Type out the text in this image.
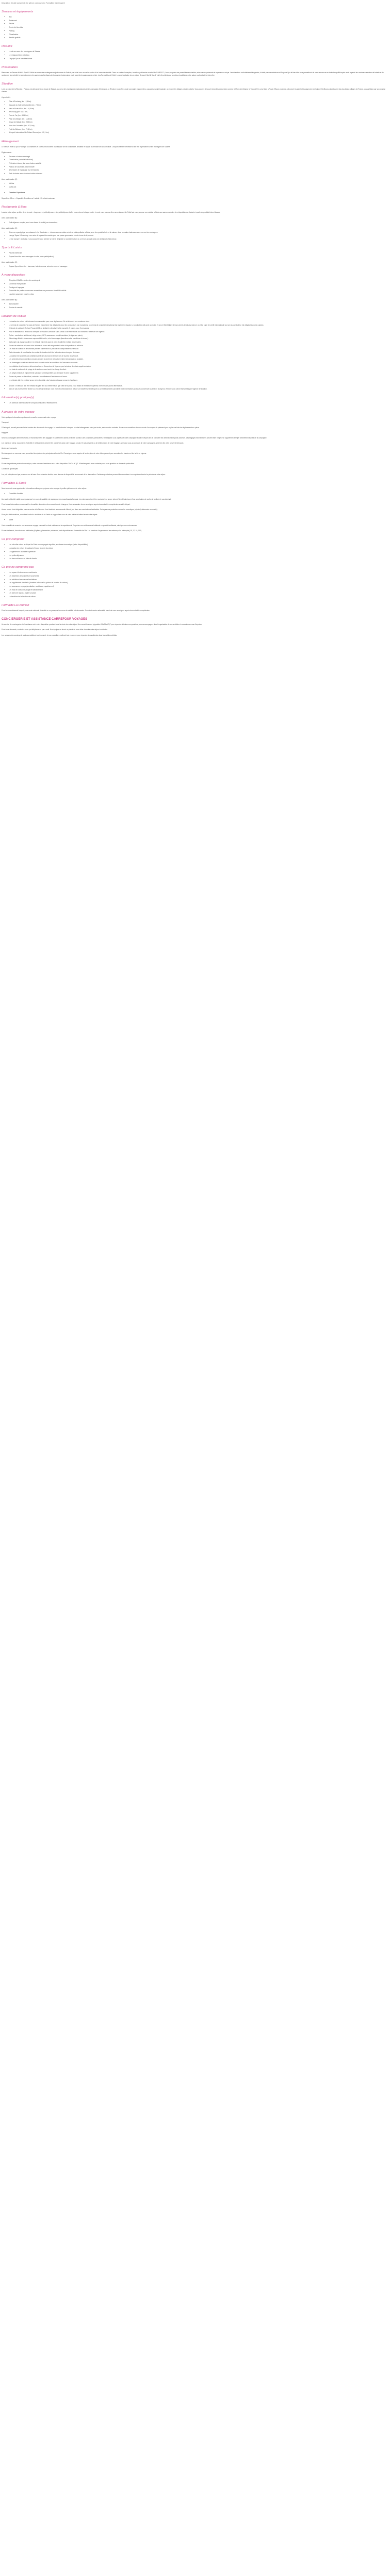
Description Ce gîte comprend : Ce gîte se compose d'un Formalités Carrefouperé

Services et équipements
• Wifi
• Restaurant
• Piscine
• Centre de bien-être
• Parking
• Climatisation
• Navette gratuite
Résumé
• Le site au cœur des montagnes de Salazie
• Le restaurant bien entretenu
• L'équipe Spa et bien-être thème
Présentation

Bienvenue au Senses Hôtel & Spa 4* ! Niché au cœur des montagnes majestueuses de Salazie, cet hôtel vous ouvre les portes d'un havre de sérénité. Dans un cadre d'exception, inscrit au patrimoine mondial de l'UNESCO, il vous propose une parenthèse enchantée, entre nature préservée et expérience unique. Les chambres confortables et élégantes, la belle piscine extérieure et l'espace Spa et bien-être vous permettront de vous ressourcer en toute tranquillité après avoir arpenté les nombreux sentiers de balade et de randonnée à proximité. Le soir découvrez les saveurs authentiques de la cuisine réunionnaise, mais aussi de la gastronomie créole. Les Formalités de l'hôtel. Lors de l'agitation de ce séjour, Senses Hôtel & Spa 4* est le lieu idéal pour un séjour inoubliable entre nature, authenticité et bien-être.

Situation

Lové au cœur de la Réunion : Plateau à la découverte du cirque de Salazie, au cœur des montagnes majestueuses et des paysages d'émeraude, la Réunion vous offrira toute sa magie : randonnées, cascades, jungle tropicale, ou encore les villages créoles colorés. Vous pourrez découvrir des sites d'exception comme le Piton des Neiges, le Trou de Fer ou la Mare à Poule d'Eau à proximité, découvrir les plus belles pages de la réunion. Hell-Bourg, classé parmi les plus beaux villages de France, vous séduira par son charme d'antan.

A proximité :
• Piton d'Enchaing (km : 2,6 km)
• Cascade du Voile de la Mariée (km : 7,3 km)
• Mare à Poule d'Eau (km : 10,5 km)
• Hell-Bourg (km : 11,3 km)
• Trou de Fer (km : 13,6 km)
• Piton des Neiges (km : 14,8 km)
• Cirque de Mafate (km : 23,8 km)
• Anse des Cascades (km : 57,3 km)
• Forêt de Bélouve (km : 71,6 km)
• Aéroport international de Roland Garros (km : 82,1 km)
Hébergement

Le Senses Hôtel & Spa 4* compte 43 chambres et 5 de surcroît dotées d'un espace de vie confortable, climatisé et équipé d'une salle de bain privative. Chaque chambre bénéficie d'une vue imprenable sur les montagnes de Salazie.

Équipements :
• Terrasse ou balcon aménagé
• Climatisation (contrôle individuel)
• Télévision à écran plat avec chaînes satellite
• Plateau de courtoisie avec thé/café
• Nécessaire de repassage (sur demande)
• Salle de bains avec douche et sèche-cheveux
Avec participation (€) :
• Minibar
• Coffre-fort
• Chambre Supérieure

Superficie : 25 m² – Capacité : 2 adultes ou 1 adulte + 1 enfant maximum

Restaurants & Bars

Lors de votre séjour, profitez de la formule « Logement et petit-déjeuner ». Un petit-déjeuner buffet vous est servi chaque matin. Le soir, vous pourrez dîner au restaurant de l'hôtel qui vous propose une cuisine raffinée aux saveurs créoles et métropolitaines, élaborée à partir de produits frais et locaux.

Avec participation (€) :
• Petit-déjeuner complet, servi sous forme de buffet (sur réservation)
Avec participation (€) :
• Dîner ou repas typique au restaurant « Le Sanctuaire » : découvrez une cuisine créole et métropolitaine raffinée, avec des produits frais et de saison, dans un cadre chaleureux avec vue sur les montagnes.
• Lounge Tapas & Snacking : une carte de tapas et de snacks pour une pause gourmande à toute heure de la journée.
• Le bar lounge « Anchaing » vous accueille pour prendre un verre, déguster un cocktail maison ou un rhum arrangé dans une ambiance chaleureuse.
Sports & Loisirs
• Piscine extérieure
• Espace bien-être avec massages et soins (avec participation)
Avec participation (€) :
• Espace Spa et bien-être : hammam, bain à remous, soins du corps et massages
À votre disposition
• Réception 24h/24 – service de conciergerie
• Connexion Wifi gratuite
• Consigne à bagages
• Ensemble des parties communes accessibles aux personnes à mobilité réduite
• Local de rangement pour les vélos
Avec participation (€) :
• Blanchisserie
• Service de navette
Location de voiture
• La location de voiture est fortement recommandée pour vous déplacer sur l'île et découvrir ses nombreux sites.
• Le permis de conduire d'un pays de l'Union européenne est obligatoire (pour les conducteurs non européens, un permis de conduire international est également requis). Le conducteur doit avoir au moins 21 ans et être titulaire de son permis depuis au moins 1 an. Une carte de crédit internationale au nom du conducteur est obligatoire pour la caution.
• Véhicule de catégorie B (type Peugeot 208 ou similaire), climatisé, boîte manuelle, 5 portes, pour 2 personnes.
• Prise et restitution du véhicule à l'aéroport de Roland Garros de Saint-Denis ou de Pierrefonds aux horaires d'ouverture de l'agence.
• Option : conducteur additionnel, siège enfant, GPS, assurances complémentaires (à régler sur place).
• Kilométrage illimité – Assurance responsabilité civile, vol et dommages (franchise selon conditions du loueur).
• Carburant à la charge du client : le véhicule est remis avec le plein et doit être restitué avec le plein.
• En cas de retard de vol, merci d'en informer le loueur afin de garantir la mise à disposition du véhicule.
• Les frais de location et la franchise peuvent varier selon la période et la disponibilité du véhicule.
• Toute demande de modification du contrat de location doit être faite directement auprès du loueur.
• La location est soumise aux conditions générales du loueur remises lors de la prise du véhicule.
• Les amendes et contraventions reçues pendant la durée de la location restent à la charge du locataire.
• Les dommages causés au véhicule sont couverts selon les conditions de l'assurance souscrite.
• La restitution du véhicule en dehors des heures d'ouverture de l'agence peut entraîner des frais supplémentaires.
• Les frais de carburant, de péage et de stationnement sont à la charge du client.
• Les sièges enfants et équipements spéciaux sont disponibles sur demande et avec supplément.
• En cas de panne ou d'accident, contactez immédiatement l'assistance du loueur.
• Le véhicule doit être restitué propre et en bon état ; des frais de nettoyage peuvent s'appliquer.
• À noter : le véhicule doit être restitué au plus tard à la même heure que celle de la prise. Tout retard de restitution supérieur à 59 minutes pourra être facturé.
• Dans le cas d'une arrivée tardive ou d'un départ anticipé, nous vous recommandons de prévoir un transfert vers l'aéroport ou un hébergement à proximité. Les informations pratiques concernant la prise en charge du véhicule vous seront transmises par l'agence de location.
Information(s) pratique(s)
• Les animaux domestiques ne sont pas admis dans l'établissement.
À propos de votre voyage

Voici quelques informations pratiques à connaître concernant votre voyage.

Transport

À l'aéroport, accueil personnalisé et remise des documents de voyage. Le transfert entre l'aéroport et votre hébergement n'est pas inclus, sauf mention contraire. Nous vous conseillons de vous munir d'un moyen de paiement pour régler vos frais de déplacement sur place.

Bagages

Selon la compagnie aérienne choisie, le franchissement des bagages en soute et en cabine peut être soumis à des conditions particulières. Renseignez-vous auprès de votre compagnie avant le départ afin de connaître les dimensions et poids autorisés. Les bagages excédentaires peuvent faire l'objet d'un supplément à régler directement auprès de la compagnie.

Les objets de valeur, documents d'identité et médicaments doivent être conservés dans votre bagage à main. En cas de perte ou de détérioration de votre bagage, adressez-vous au comptoir de votre compagnie aérienne dès votre arrivée à l'aéroport.

Accès aux transports

Des transports en commun vous permettent de rejoindre les principales villes de l'île. Renseignez-vous auprès de la réception de votre hébergement pour connaître les horaires et les tarifs en vigueur.

Assistance

En cas de problème pendant votre séjour, notre service d'assistance est à votre disposition 24h/24 et 7j/7. N'hésitez pas à nous contacter pour toute question ou demande particulière.

Conditions spécifiques

Les prix indiqués sont par personne sur la base d'une chambre double, sous réserve de disponibilité au moment de la réservation. Certaines prestations peuvent être soumises à un supplément selon la période de votre séjour.

Formalités & Santé

Nous tenons à vous apporter les informations utiles pour préparer votre voyage et profiter pleinement de votre séjour.

• Formalités d'entrée

Une carte d'identité valide ou un passeport en cours de validité est requis pour les ressortissants français. Les mineurs doivent être munis de leur propre pièce d'identité ainsi que d'une autorisation de sortie du territoire le cas échéant.

Pour toutes informations concernant les formalités douanières des ressortissants étrangers, il est nécessaire de se renseigner auprès des autorités compétentes avant le départ.

Aucun vaccin n'est obligatoire pour se rendre à la Réunion. Il est toutefois recommandé d'être à jour dans ses vaccinations habituelles. Prévoyez une protection contre les moustiques (répulsif, vêtements couvrants).

Pour plus d'informations, consultez le site du ministère de la Santé ou rapprochez-vous de votre médecin traitant avant votre départ.

• Santé

Il est conseillé de souscrire une assurance voyage couvrant les frais médicaux et le rapatriement. Emportez vos médicaments habituels en quantité suffisante, ainsi que vos ordonnances.

En cas de besoin, des structures médicales (hôpitaux, pharmacies, médecins) sont disponibles sur l'ensemble de l'île. Les numéros d'urgence sont les mêmes qu'en métropole (15, 17, 18, 112).

Ce prix comprend
• Les vols aller-retour au départ de Paris sur compagnie régulière, en classe économique (selon disponibilités)
• La location de voiture de catégorie B pour la durée du séjour
• Le logement en chambre Supérieure
• Les petits-déjeuners
• Les taxes aériennes et frais de dossier
Ce prix ne comprend pas
• Les repas et boissons non mentionnés
• Les dépenses personnelles et pourboires
• Les activités et excursions facultatives
• Les suppléments éventuels (chambre individuelle, options de location de voiture)
• Les assurances voyage (annulation, assistance, rapatriement)
• Les frais de carburant, péage et stationnement
• Les taxes de séjour à régler sur place
• La franchise de la location de voiture
Formalité La Réunion

Pour les ressortissants français, une carte nationale d'identité ou un passeport en cours de validité est nécessaire. Pour toute autre nationalité, merci de vous renseigner auprès des autorités compétentes.

CONCIERGERIE ET ASSISTANCE CARREFOUR VOYAGES

Un service de conciergerie et d'assistance est à votre disposition pendant toute la durée de votre séjour. Nos conseillers sont joignables 24h/24 et 7j/7 pour répondre à toutes vos questions, vous accompagner dans l'organisation de vos activités et vous aider en cas d'imprévu.

Pour toute demande, contactez-nous par téléphone ou par e-mail. Nos équipes se feront un plaisir de vous aider à rendre votre séjour inoubliable.

Les services de conciergerie sont accessibles à tout moment, et nos conseillers mettront tout en œuvre pour répondre à vos attentes dans les meilleurs délais.
